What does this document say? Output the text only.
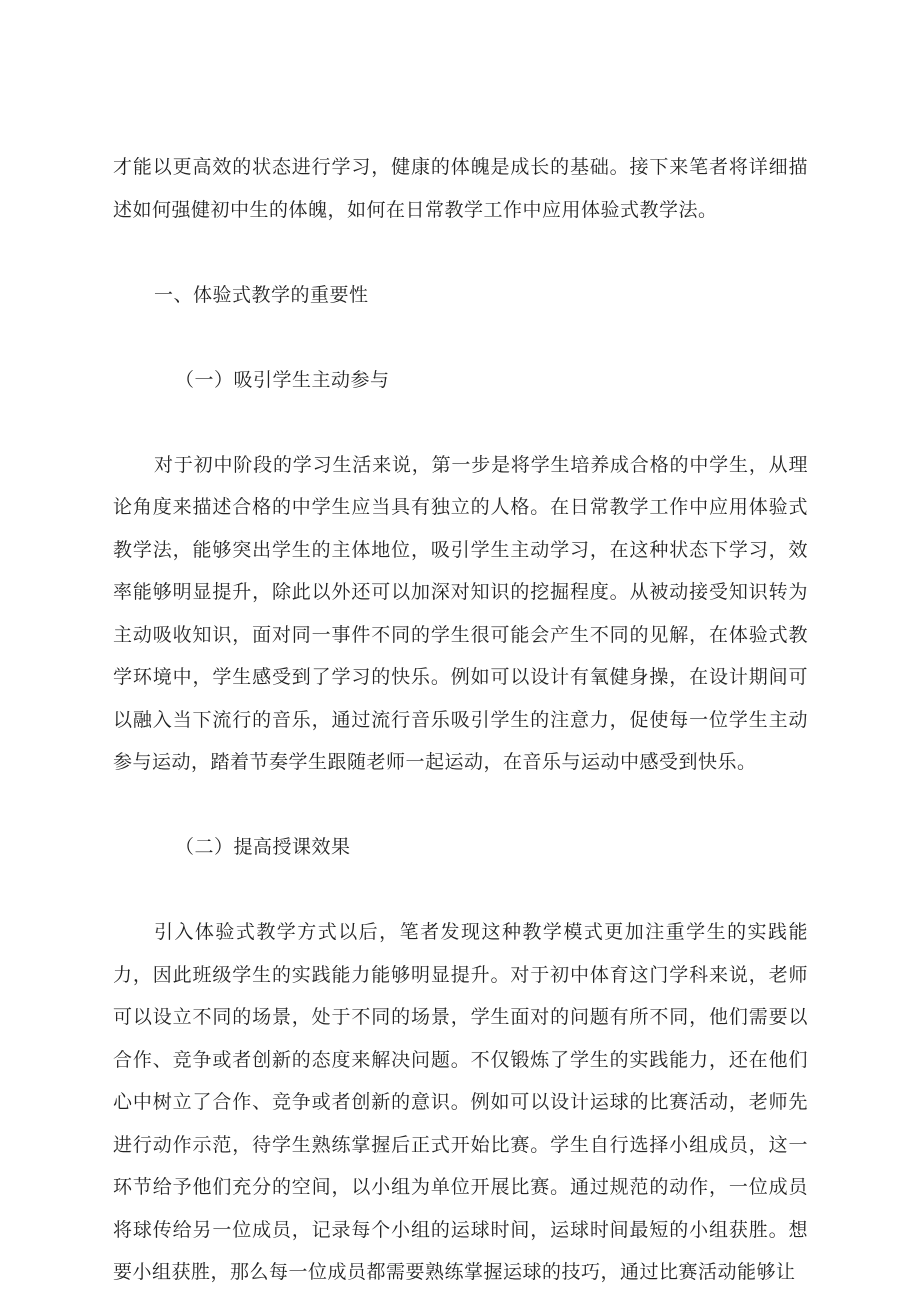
才能以更高效的状态进行学习，健康的体魄是成长的基础。接下来笔者将详细描述如何强健初中生的体魄，如何在日常教学工作中应用体验式教学法。

一、体验式教学的重要性

（一）吸引学生主动参与

对于初中阶段的学习生活来说，第一步是将学生培养成合格的中学生，从理论角度来描述合格的中学生应当具有独立的人格。在日常教学工作中应用体验式教学法，能够突出学生的主体地位，吸引学生主动学习，在这种状态下学习，效率能够明显提升，除此以外还可以加深对知识的挖掘程度。从被动接受知识转为主动吸收知识，面对同一事件不同的学生很可能会产生不同的见解，在体验式教学环境中，学生感受到了学习的快乐。例如可以设计有氧健身操，在设计期间可以融入当下流行的音乐，通过流行音乐吸引学生的注意力，促使每一位学生主动参与运动，踏着节奏学生跟随老师一起运动，在音乐与运动中感受到快乐。

（二）提高授课效果

引入体验式教学方式以后，笔者发现这种教学模式更加注重学生的实践能力，因此班级学生的实践能力能够明显提升。对于初中体育这门学科来说，老师可以设立不同的场景，处于不同的场景，学生面对的问题有所不同，他们需要以合作、竞争或者创新的态度来解决问题。不仅锻炼了学生的实践能力，还在他们心中树立了合作、竞争或者创新的意识。例如可以设计运球的比赛活动，老师先进行动作示范，待学生熟练掌握后正式开始比赛。学生自行选择小组成员，这一环节给予他们充分的空间，以小组为单位开展比赛。通过规范的动作，一位成员将球传给另一位成员，记录每个小组的运球时间，运球时间最短的小组获胜。想要小组获胜，那么每一位成员都需要熟练掌握运球的技巧，通过比赛活动能够让
